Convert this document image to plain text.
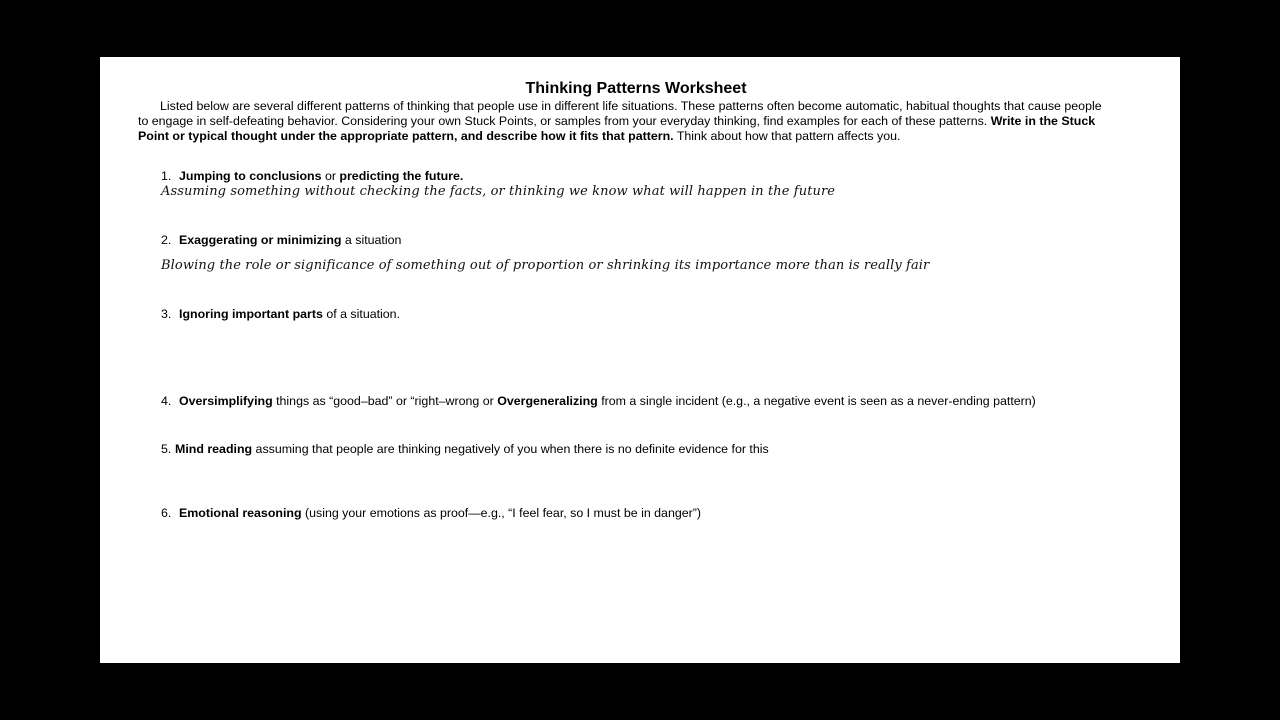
Thinking Patterns Worksheet
Listed below are several different patterns of thinking that people use in different life situations. These patterns often become automatic, habitual thoughts that cause people to engage in self-defeating behavior. Considering your own Stuck Points, or samples from your everyday thinking, find examples for each of these patterns. Write in the Stuck Point or typical thought under the appropriate pattern, and describe how it fits that pattern. Think about how that pattern affects you.
1. Jumping to conclusions or predicting the future.
Assuming something without checking the facts, or thinking we know what will happen in the future
2. Exaggerating or minimizing a situation
Blowing the role or significance of something out of proportion or shrinking its importance more than is really fair
3. Ignoring important parts of a situation.
4. Oversimplifying things as “good–bad” or “right–wrong or Overgeneralizing from a single incident (e.g., a negative event is seen as a never-ending pattern)
5. Mind reading assuming that people are thinking negatively of you when there is no definite evidence for this
6. Emotional reasoning (using your emotions as proof—e.g., “I feel fear, so I must be in danger”)
